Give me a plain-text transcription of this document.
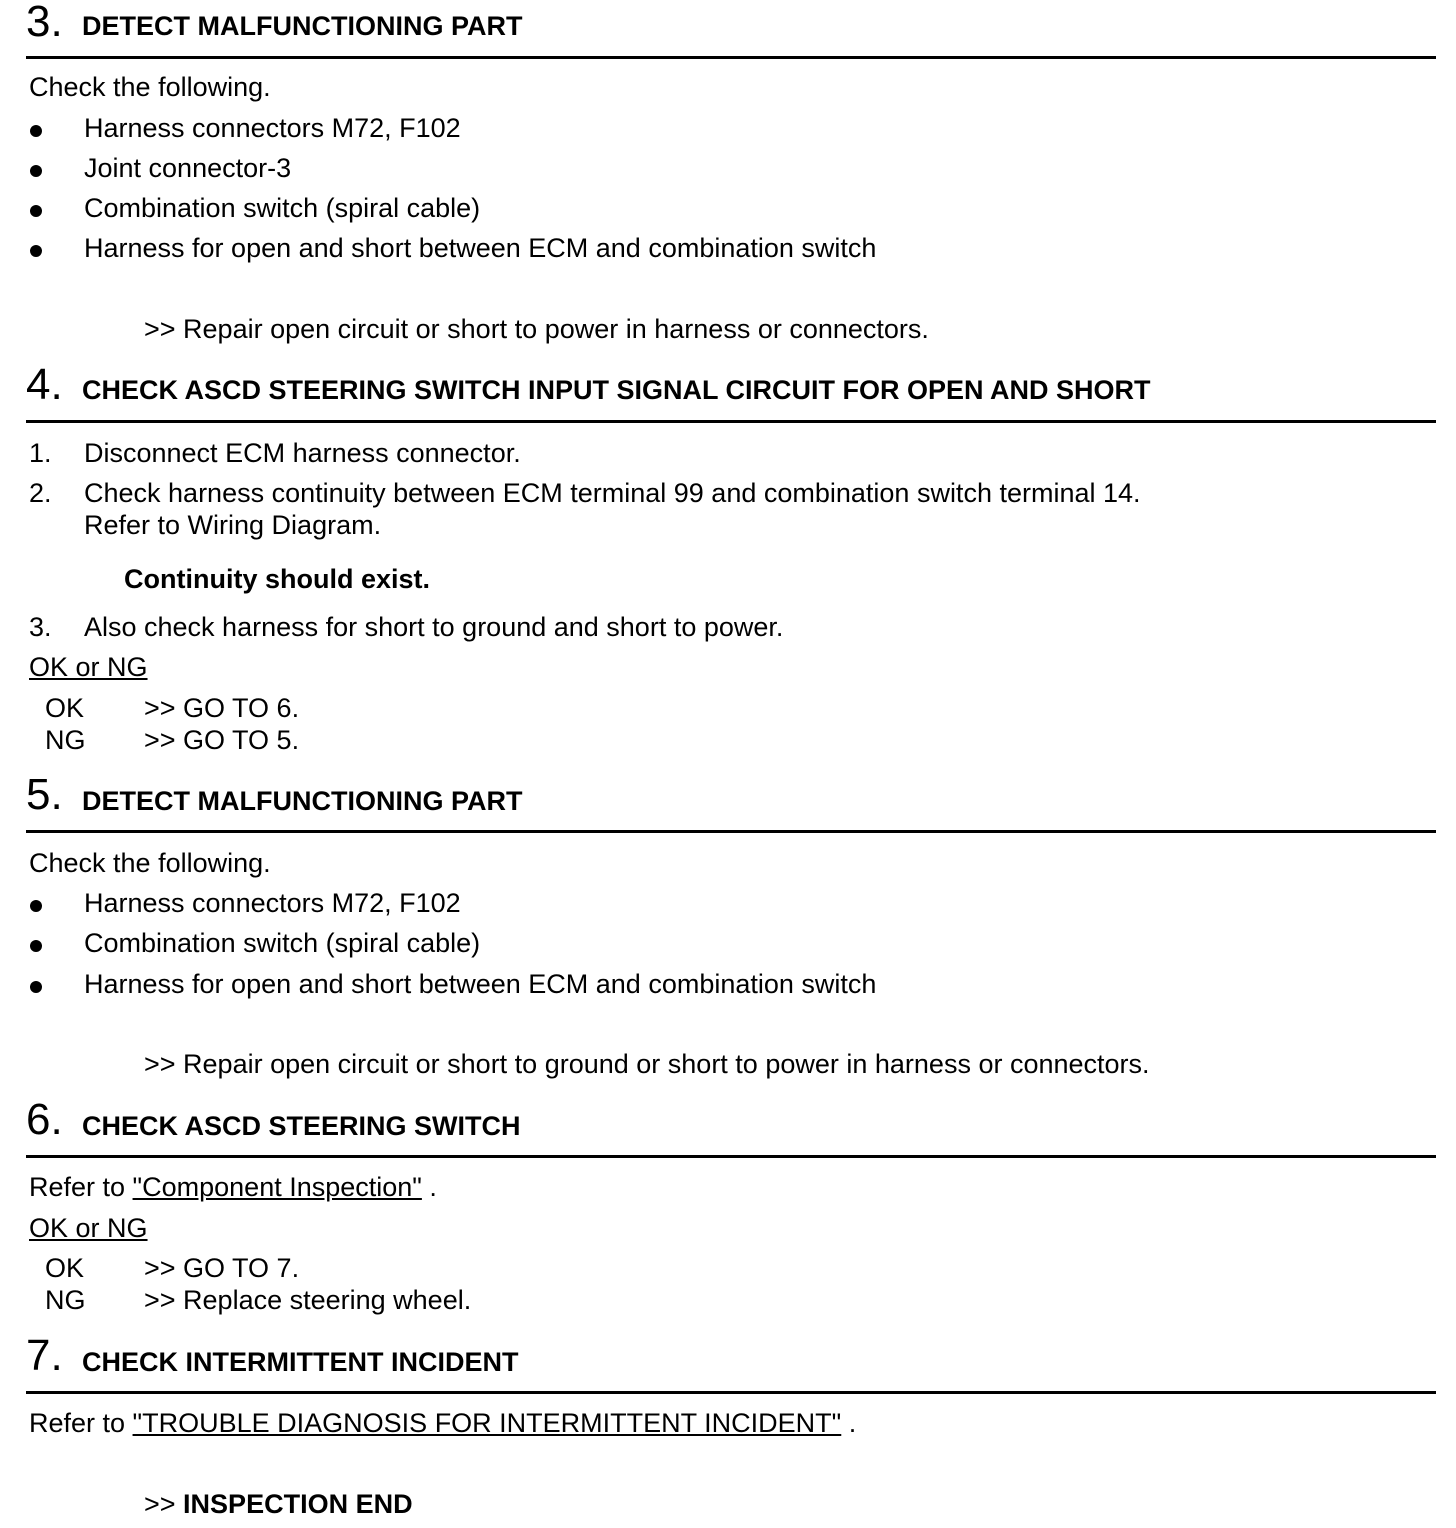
3. DETECT MALFUNCTIONING PART
Check the following.
Harness connectors M72, F102
Joint connector-3
Combination switch (spiral cable)
Harness for open and short between ECM and combination switch
>> Repair open circuit or short to power in harness or connectors.
4. CHECK ASCD STEERING SWITCH INPUT SIGNAL CIRCUIT FOR OPEN AND SHORT
1. Disconnect ECM harness connector.
2. Check harness continuity between ECM terminal 99 and combination switch terminal 14.
Refer to Wiring Diagram.
Continuity should exist.
3. Also check harness for short to ground and short to power.
OK or NG
OK >> GO TO 6.
NG >> GO TO 5.
5. DETECT MALFUNCTIONING PART
Check the following.
Harness connectors M72, F102
Combination switch (spiral cable)
Harness for open and short between ECM and combination switch
>> Repair open circuit or short to ground or short to power in harness or connectors.
6. CHECK ASCD STEERING SWITCH
Refer to "Component Inspection" .
OK or NG
OK >> GO TO 7.
NG >> Replace steering wheel.
7. CHECK INTERMITTENT INCIDENT
Refer to "TROUBLE DIAGNOSIS FOR INTERMITTENT INCIDENT" .
>> INSPECTION END
